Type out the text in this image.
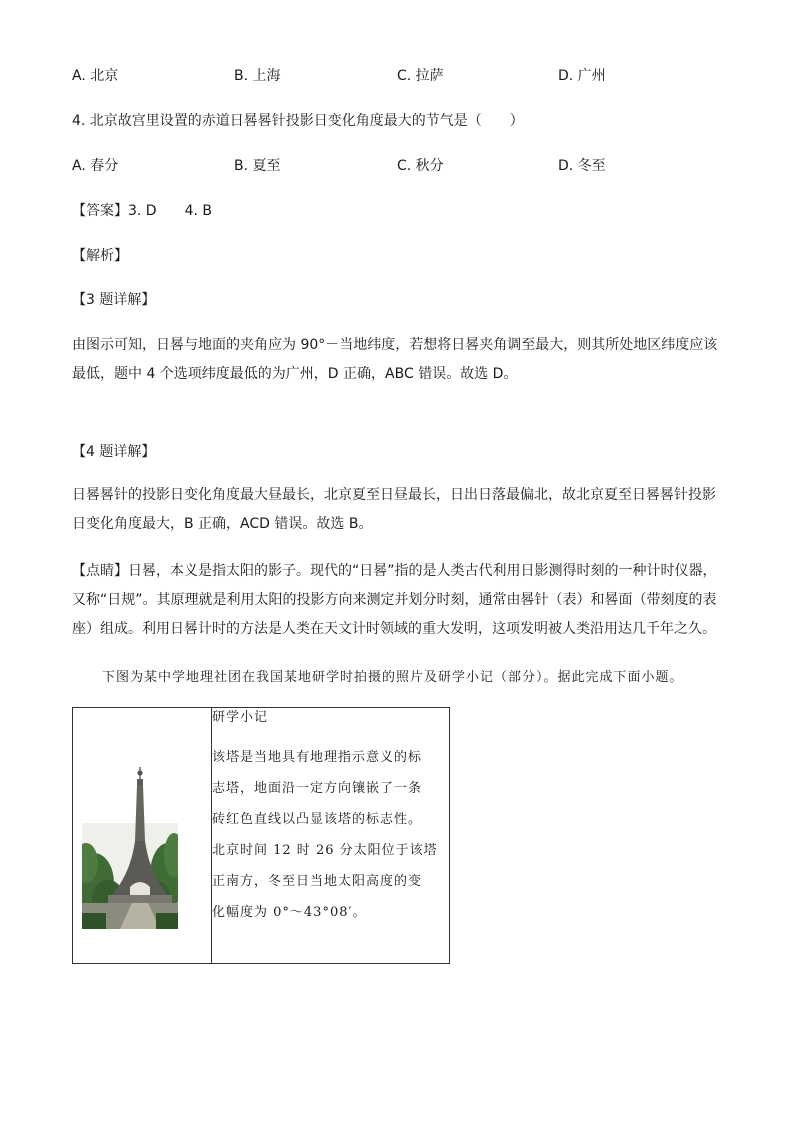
A. 北京	B. 上海	C. 拉萨	D. 广州
4. 北京故宫里设置的赤道日晷晷针投影日变化角度最大的节气是（　　）
A. 春分	B. 夏至	C. 秋分	D. 冬至
【答案】3. D　　4. B
【解析】
【3 题详解】
由图示可知，日晷与地面的夹角应为 90°－当地纬度，若想将日晷夹角调至最大，则其所处地区纬度应该
最低，题中 4 个选项纬度最低的为广州，D 正确，ABC 错误。故选 D。
【4 题详解】
日晷晷针的投影日变化角度最大昼最长，北京夏至日昼最长，日出日落最偏北，故北京夏至日晷晷针投影
日变化角度最大，B 正确，ACD 错误。故选 B。
【点睛】日晷，本义是指太阳的影子。现代的“日晷”指的是人类古代利用日影测得时刻的一种计时仪器，
又称“日规”。其原理就是利用太阳的投影方向来测定并划分时刻，通常由晷针（表）和晷面（带刻度的表
座）组成。利用日晷计时的方法是人类在天文计时领域的重大发明，这项发明被人类沿用达几千年之久。
下图为某中学地理社团在我国某地研学时拍摄的照片及研学小记（部分）。据此完成下面小题。

研学小记
该塔是当地具有地理指示意义的标
志塔，地面沿一定方向镶嵌了一条
砖红色直线以凸显该塔的标志性。
北京时间 12 时 26 分太阳位于该塔
正南方，冬至日当地太阳高度的变
化幅度为 0°～43°08′。
